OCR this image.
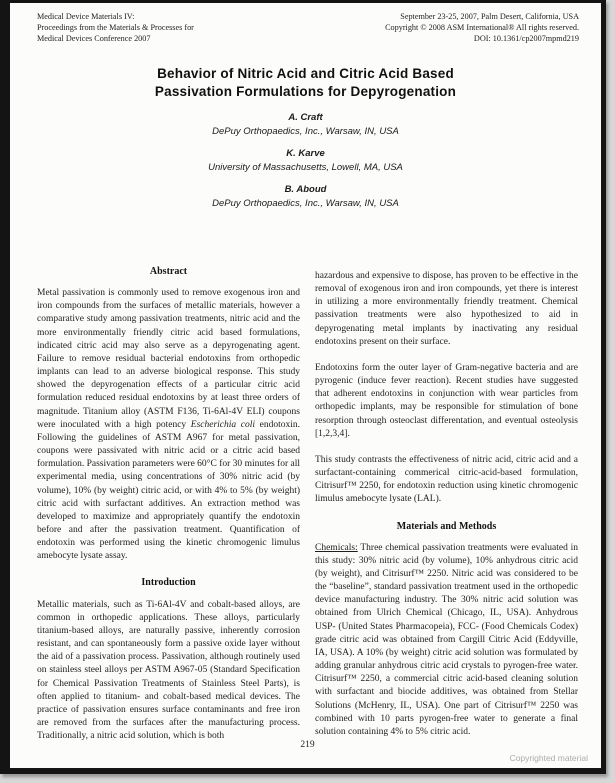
Medical Device Materials IV:
Proceedings from the Materials & Processes for
Medical Devices Conference 2007
September 23-25, 2007, Palm Desert, California, USA
Copyright © 2008 ASM International® All rights reserved.
DOI: 10.1361/cp2007mpmd219
Behavior of Nitric Acid and Citric Acid Based
Passivation Formulations for Depyrogenation
A. Craft
DePuy Orthopaedics, Inc., Warsaw, IN, USA
K. Karve
University of Massachusetts, Lowell, MA, USA
B. Aboud
DePuy Orthopaedics, Inc., Warsaw, IN, USA
Abstract

Metal passivation is commonly used to remove exogenous iron and iron compounds from the surfaces of metallic materials, however a comparative study among passivation treatments, nitric acid and the more environmentally friendly citric acid based formulations, indicated citric acid may also serve as a depyrogenating agent. Failure to remove residual bacterial endotoxins from orthopedic implants can lead to an adverse biological response. This study showed the depyrogenation effects of a particular citric acid formulation reduced residual endotoxins by at least three orders of magnitude. Titanium alloy (ASTM F136, Ti-6Al-4V ELI) coupons were inoculated with a high potency Escherichia coli endotoxin. Following the guidelines of ASTM A967 for metal passivation, coupons were passivated with nitric acid or a citric acid based formulation. Passivation parameters were 60°C for 30 minutes for all experimental media, using concentrations of 30% nitric acid (by volume), 10% (by weight) citric acid, or with 4% to 5% (by weight) citric acid with surfactant additives. An extraction method was developed to maximize and appropriately quantify the endotoxin before and after the passivation treatment. Quantification of endotoxin was performed using the kinetic chromogenic limulus amebocyte lysate assay.

Introduction

Metallic materials, such as Ti-6Al-4V and cobalt-based alloys, are common in orthopedic applications. These alloys, particularly titanium-based alloys, are naturally passive, inherently corrosion resistant, and can spontaneously form a passive oxide layer without the aid of a passivation process. Passivation, although routinely used on stainless steel alloys per ASTM A967-05 (Standard Specification for Chemical Passivation Treatments of Stainless Steel Parts), is often applied to titanium- and cobalt-based medical devices. The practice of passivation ensures surface contaminants and free iron are removed from the surfaces after the manufacturing process. Traditionally, a nitric acid solution, which is both

hazardous and expensive to dispose, has proven to be effective in the removal of exogenous iron and iron compounds, yet there is interest in utilizing a more environmentally friendly treatment. Chemical passivation treatments were also hypothesized to aid in depyrogenating metal implants by inactivating any residual endotoxins present on their surface.

Endotoxins form the outer layer of Gram-negative bacteria and are pyrogenic (induce fever reaction). Recent studies have suggested that adherent endotoxins in conjunction with wear particles from orthopedic implants, may be responsible for stimulation of bone resorption through osteoclast differentation, and eventual osteolysis [1,2,3,4].

This study contrasts the effectiveness of nitric acid, citric acid and a surfactant-containing commerical citric-acid-based formulation, Citrisurf™ 2250, for endotoxin reduction using kinetic chromogenic limulus amebocyte lysate (LAL).

Materials and Methods

Chemicals: Three chemical passivation treatments were evaluated in this study: 30% nitric acid (by volume), 10% anhydrous citric acid (by weight), and Citrisurf™ 2250. Nitric acid was considered to be the “baseline”, standard passivation treatment used in the orthopedic device manufacturing industry. The 30% nitric acid solution was obtained from Ulrich Chemical (Chicago, IL, USA). Anhydrous USP- (United States Pharmacopeia), FCC- (Food Chemicals Codex) grade citric acid was obtained from Cargill Citric Acid (Eddyville, IA, USA). A 10% (by weight) citric acid solution was formulated by adding granular anhydrous citric acid crystals to pyrogen-free water. Citrisurf™ 2250, a commercial citric acid-based cleaning solution with surfactant and biocide additives, was obtained from Stellar Solutions (McHenry, IL, USA). One part of Citrisurf™ 2250 was combined with 10 parts pyrogen-free water to generate a final solution containing 4% to 5% citric acid.

219
Copyrighted material
